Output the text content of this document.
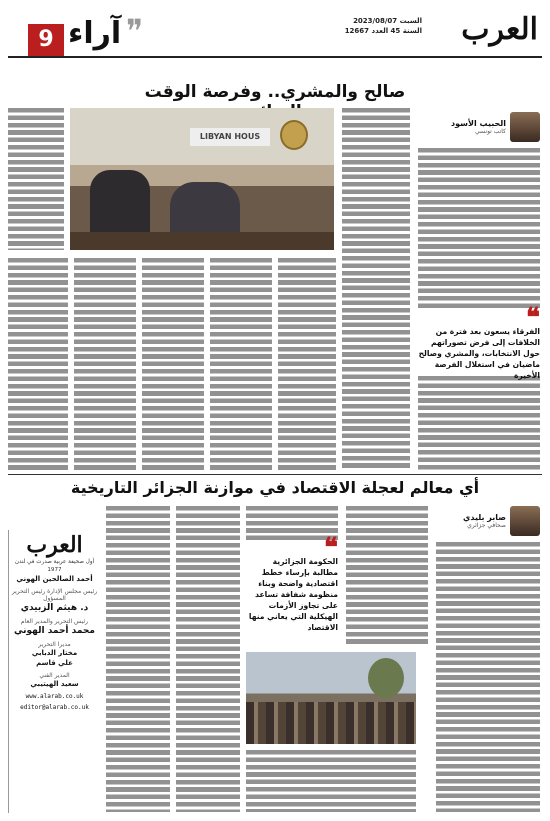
العرب
السبت 2023/08/07
السنة 45 العدد 12667
آراء ❞
9
الحبيب الأسود
كاتب تونسي
صالح والمشري.. وفرصة الوقت
LIBYAN HOUS
❝
الفرقاء يسعون بعد فترة من الخلافات إلى فرض تصوراتهم حول الانتخابات، والمشري وصالح ماضيان في استغلال الفرصة الأخيرة
أي معالم لعجلة الاقتصاد في موازنة الجزائر التاريخية
صابر بليدي
صحافي جزائري
❝
الحكومة الجزائرية مطالبة بإرساء خطط اقتصادية واضحة وبناء منظومة شفافة تساعد على تجاوز الأزمات الهيكلية التي يعاني منها الاقتصاد
العرب
أول صحيفة عربية صدرت في لندن 1977
أحمد الصالحين الهوني
رئيس مجلس الإدارة رئيس التحرير المسؤول
د. هيثم الزبيدي
رئيس التحرير والمدير العام
محمد أحمد الهوني
مديرا التحرير
مختار الدبابي
علي قاسم
المدير الفني
سعيد الهيتيبي
www.alarab.co.uk
editor@alarab.co.uk
